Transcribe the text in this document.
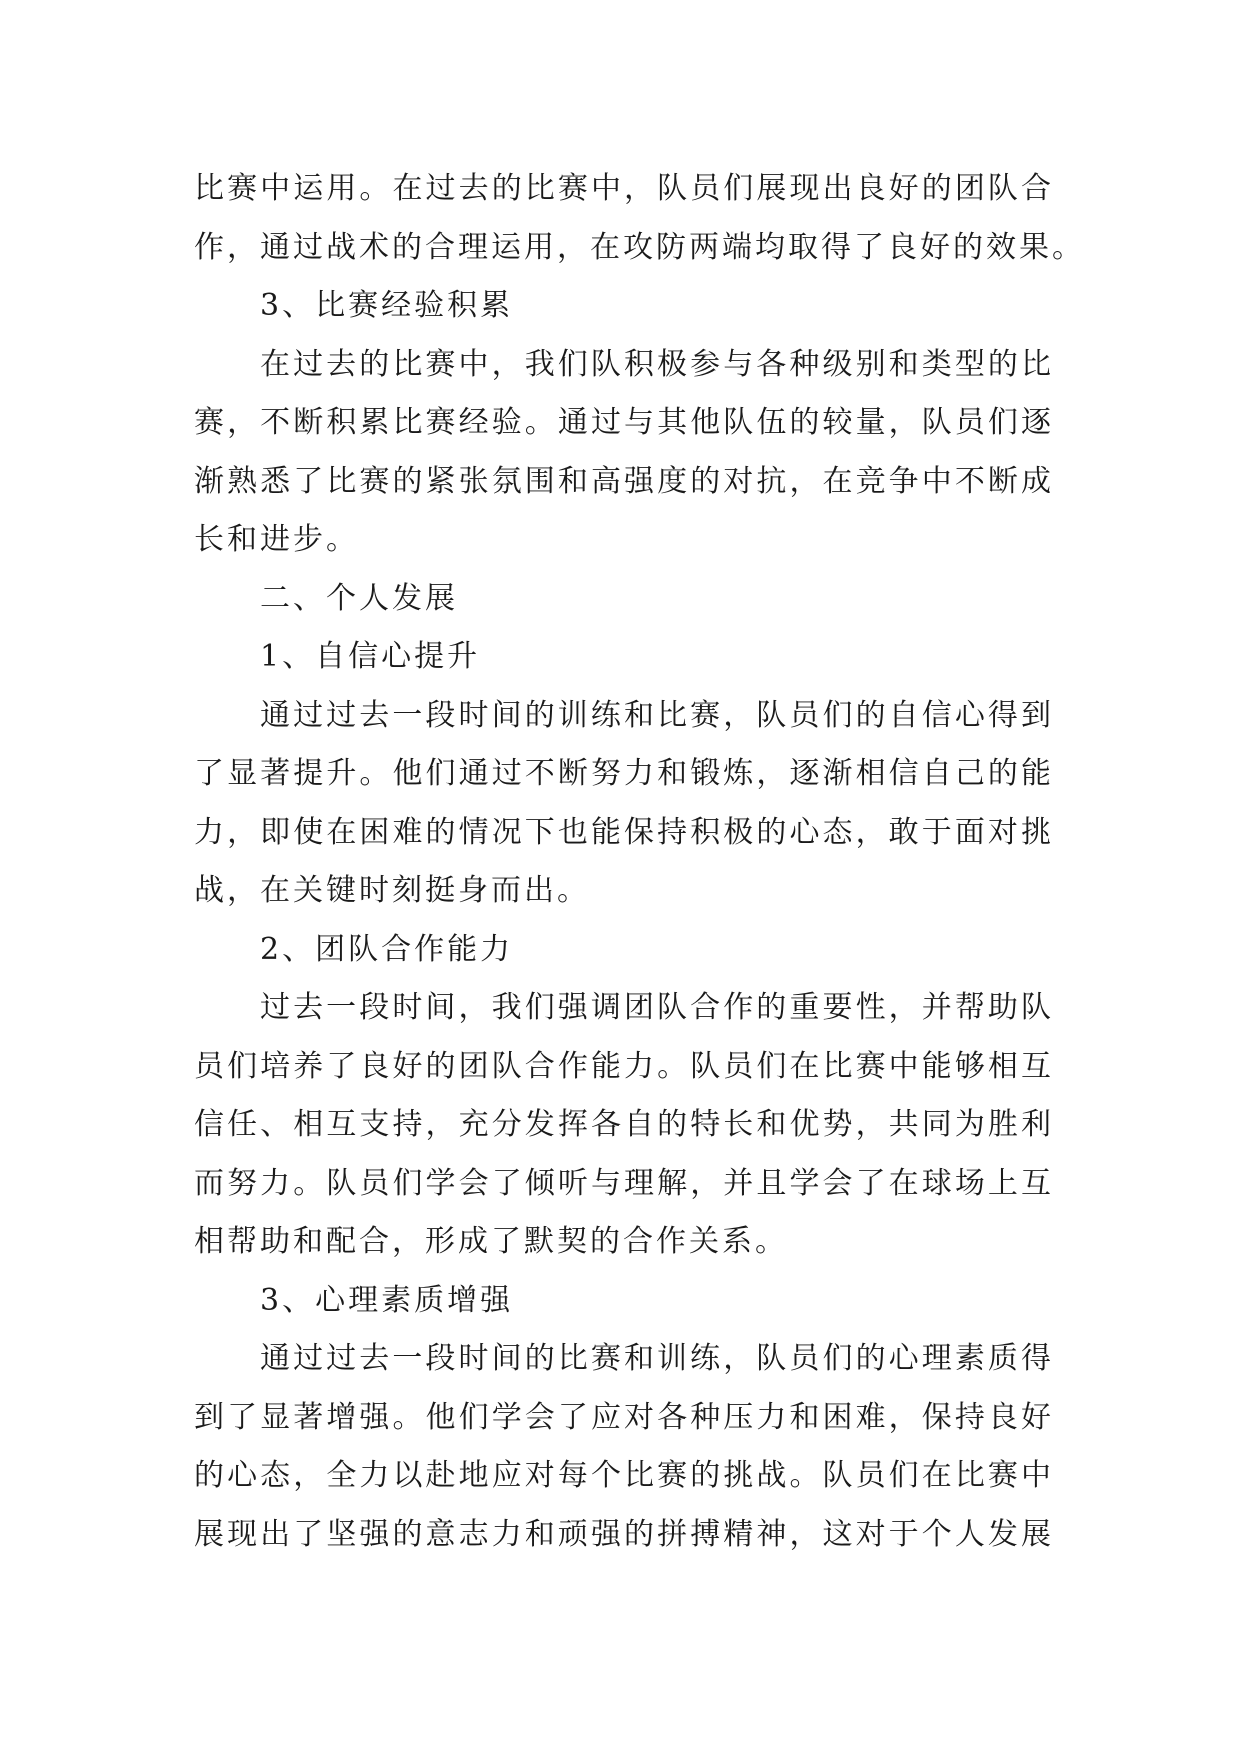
比赛中运用。在过去的比赛中，队员们展现出良好的团队合
作，通过战术的合理运用，在攻防两端均取得了良好的效果。
3、比赛经验积累
在过去的比赛中，我们队积极参与各种级别和类型的比
赛，不断积累比赛经验。通过与其他队伍的较量，队员们逐
渐熟悉了比赛的紧张氛围和高强度的对抗，在竞争中不断成
长和进步。
二、个人发展
1、自信心提升
通过过去一段时间的训练和比赛，队员们的自信心得到
了显著提升。他们通过不断努力和锻炼，逐渐相信自己的能
力，即使在困难的情况下也能保持积极的心态，敢于面对挑
战，在关键时刻挺身而出。
2、团队合作能力
过去一段时间，我们强调团队合作的重要性，并帮助队
员们培养了良好的团队合作能力。队员们在比赛中能够相互
信任、相互支持，充分发挥各自的特长和优势，共同为胜利
而努力。队员们学会了倾听与理解，并且学会了在球场上互
相帮助和配合，形成了默契的合作关系。
3、心理素质增强
通过过去一段时间的比赛和训练，队员们的心理素质得
到了显著增强。他们学会了应对各种压力和困难，保持良好
的心态，全力以赴地应对每个比赛的挑战。队员们在比赛中
展现出了坚强的意志力和顽强的拼搏精神，这对于个人发展
